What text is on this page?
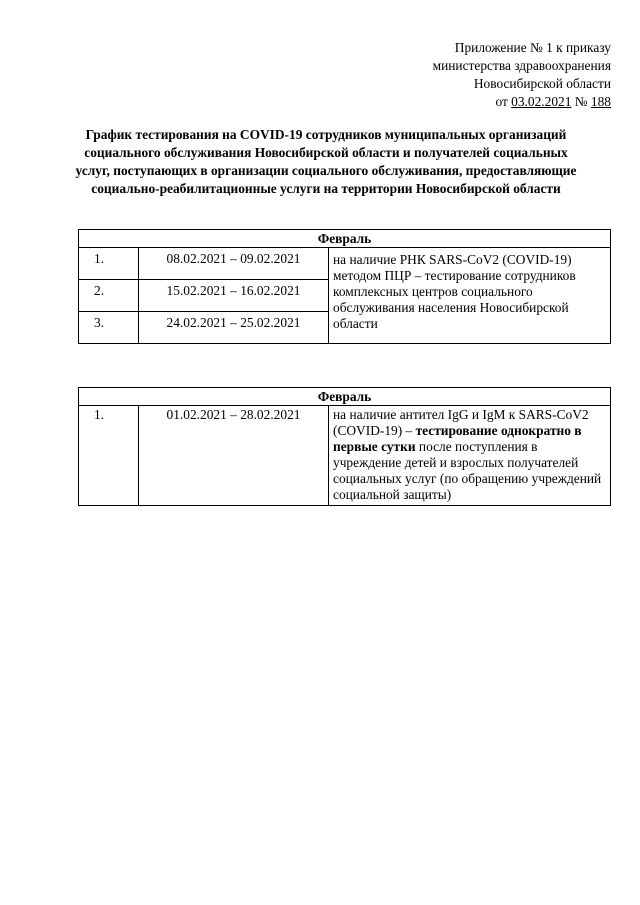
Приложение № 1 к приказу
министерства здравоохранения
Новосибирской области
от 03.02.2021 № 188
График тестирования на COVID-19 сотрудников муниципальных организаций социального обслуживания Новосибирской области и получателей социальных услуг, поступающих в организации социального обслуживания, предоставляющие социально-реабилитационные услуги на территории Новосибирской области
Февраль		
1.	08.02.2021 – 09.02.2021	на наличие РНК SARS-CoV2 (COVID-19) методом ПЦР – тестирование сотрудников комплексных центров социального обслуживания населения Новосибирской области
2.	15.02.2021 – 16.02.2021	
3.	24.02.2021 – 25.02.2021	
Февраль
1.	01.02.2021 – 28.02.2021	на наличие антител IgG и IgM к SARS-CoV2 (COVID-19) – тестирование однократно в первые сутки после поступления в учреждение детей и взрослых получателей социальных услуг (по обращению учреждений социальной защиты)
